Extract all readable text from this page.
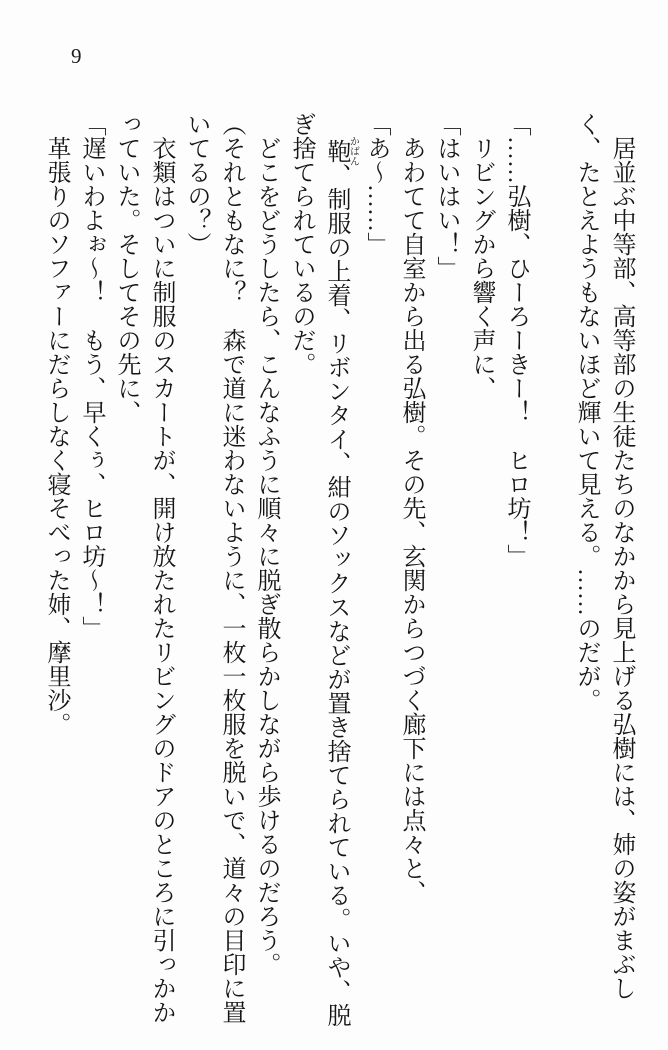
9

居並ぶ中等部、高等部の生徒たちのなかから見上げる弘樹には、姉の姿がまぶしく、たとえようもないほど輝いて見える。……のだが。

「……弘樹、ひーろーきー！　ヒロ坊！」

リビングから響く声に、

「はいはい！」

あわてて自室から出る弘樹。その先、玄関からつづく廊下には点々と、

「あ～……」

鞄かばん、制服の上着、リボンタイ、紺のソックスなどが置き捨てられている。いや、脱ぎ捨てられているのだ。

どこをどうしたら、こんなふうに順々に脱ぎ散らかしながら歩けるのだろう。

（それともなに？　森で道に迷わないように、一枚一枚服を脱いで、道々の目印に置いてるの？）

衣類はついに制服のスカートが、開け放たれたリビングのドアのところに引っかかっていた。そしてその先に、

「遅いわよぉ～！　もう、早くぅ、ヒロ坊～！」

革張りのソファーにだらしなく寝そべった姉、摩里沙。
